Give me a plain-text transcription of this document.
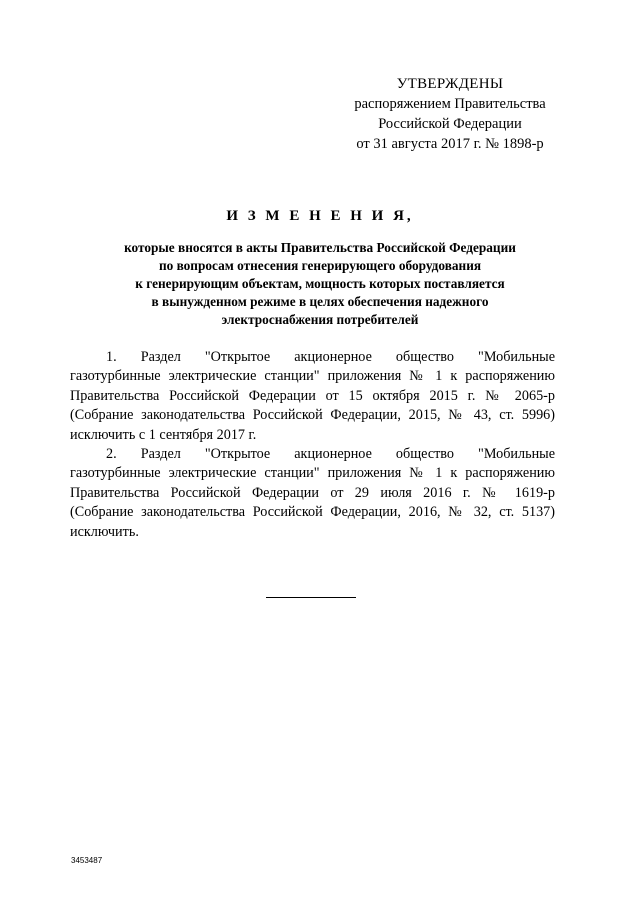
УТВЕРЖДЕНЫ
распоряжением Правительства
Российской Федерации
от 31 августа 2017 г. № 1898-р
И З М Е Н Е Н И Я,
которые вносятся в акты Правительства Российской Федерации
по вопросам отнесения генерирующего оборудования
к генерирующим объектам, мощность которых поставляется
в вынужденном режиме в целях обеспечения надежного
электроснабжения потребителей
1. Раздел "Открытое акционерное общество "Мобильные
газотурбинные электрические станции" приложения № 1 к распоряжению
Правительства Российской Федерации от 15 октября 2015 г. № 2065-р
(Собрание законодательства Российской Федерации, 2015, № 43, ст. 5996)
исключить с 1 сентября 2017 г.
2. Раздел "Открытое акционерное общество "Мобильные
газотурбинные электрические станции" приложения № 1 к распоряжению
Правительства Российской Федерации от 29 июля 2016 г. № 1619-р
(Собрание законодательства Российской Федерации, 2016, № 32, ст. 5137)
исключить.
3453487
